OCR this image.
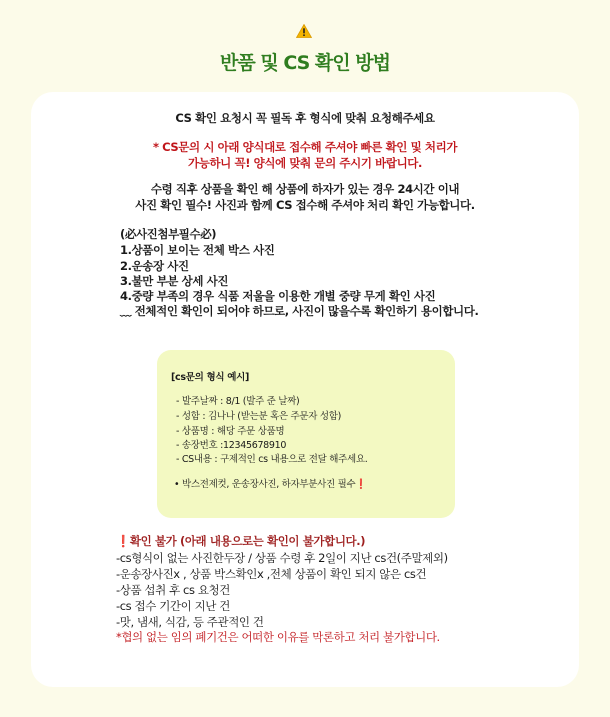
반품 및 CS 확인 방법
CS 확인 요청시 꼭 필독 후 형식에 맞춰 요청해주세요
* CS문의 시 아래 양식대로 접수해 주셔야 빠른 확인 및 처리가
가능하니 꼭! 양식에 맞춰 문의 주시기 바랍니다.
수령 직후 상품을 확인 해 상품에 하자가 있는 경우 24시간 이내
사진 확인 필수! 사진과 함께 CS 접수해 주셔야 처리 확인 가능합니다.
(必사진첨부필수必)
1.상품이 보이는 전체 박스 사진
2.운송장 사진
3.불만 부분 상세 사진
4.중량 부족의 경우 식품 저울을 이용한 개별 중량 무게 확인 사진
﹏ 전체적인 확인이 되어야 하므로, 사진이 많을수록 확인하기 용이합니다.
[cs문의 형식 예시]
- 발주날짜 : 8/1 (발주 준 날짜)
- 성함 : 김나나 (받는분 혹은 주문자 성함)
- 상품명 : 해당 주문 상품명
- 송장번호 :12345678910
- CS내용 : 구제적인 cs 내용으로 전달 해주세요.
• 박스전제컷, 운송장사진, 하자부분사진 필수❗
❗확인 불가 (아래 내용으로는 확인이 불가합니다.)
-cs형식이 없는 사진한두장 / 상품 수령 후 2일이 지난 cs건(주말제외)
-운송장사진x , 상품 박스확인x ,전체 상품이 확인 되지 않은 cs건
-상품 섭취 후 cs 요청건
-cs 접수 기간이 지난 건
-맛, 냄새, 식감, 등 주관적인 건
*협의 없는 임의 폐기건은 어떠한 이유를 막론하고 처리 불가합니다.
